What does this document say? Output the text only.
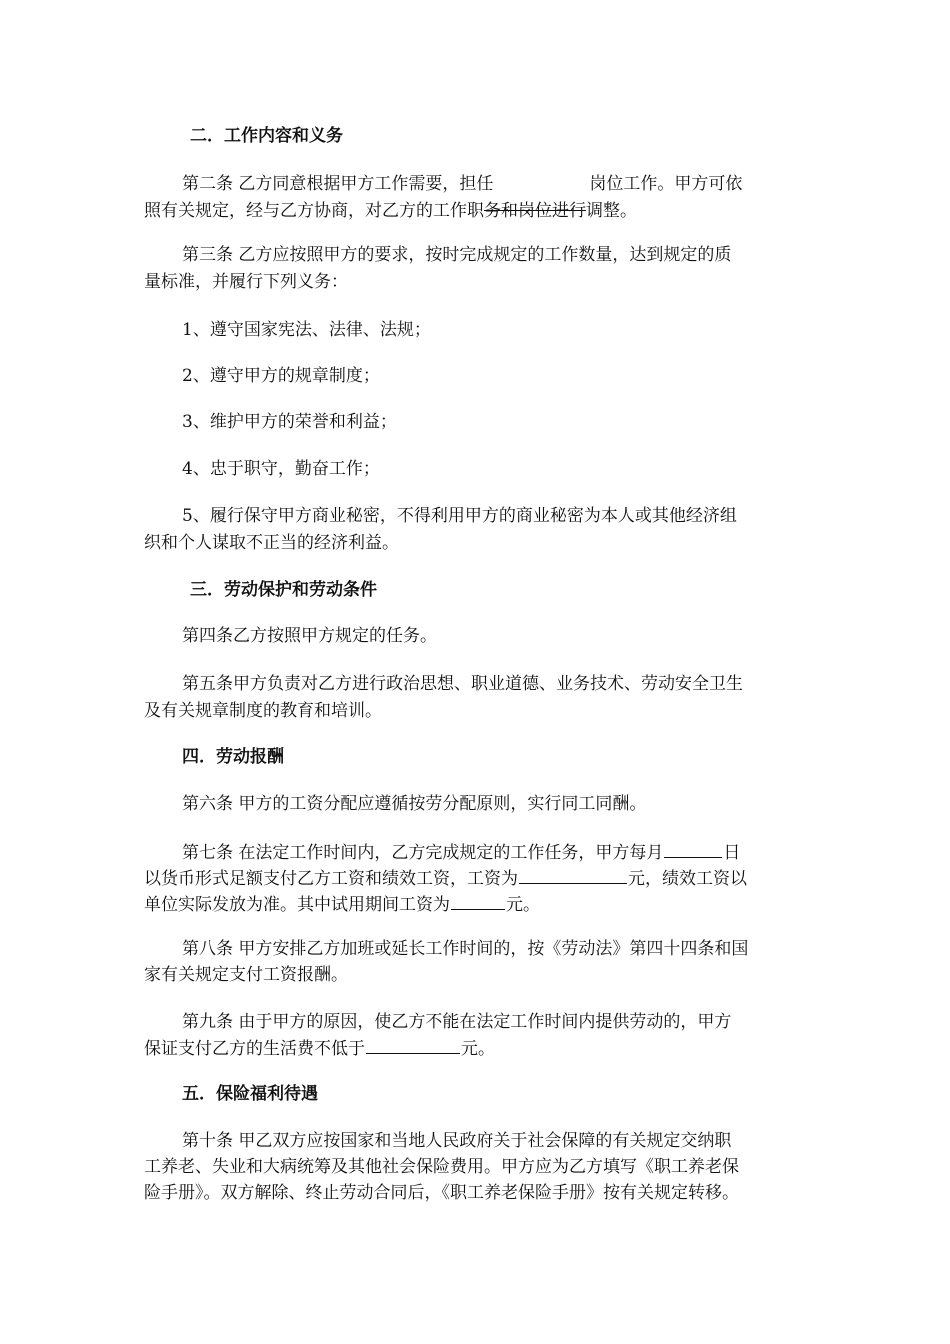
二．工作内容和义务
第二条 乙方同意根据甲方工作需要，担任	岗位工作。甲方可依
照有关规定，经与乙方协商，对乙方的工作职务和岗位进行调整。
第三条 乙方应按照甲方的要求，按时完成规定的工作数量，达到规定的质
量标准，并履行下列义务：
1、遵守国家宪法、法律、法规；
2、遵守甲方的规章制度；
3、维护甲方的荣誉和利益；
4、忠于职守，勤奋工作；
5、履行保守甲方商业秘密，不得利用甲方的商业秘密为本人或其他经济组
织和个人谋取不正当的经济利益。
三．劳动保护和劳动条件
第四条乙方按照甲方规定的任务。
第五条甲方负责对乙方进行政治思想、职业道德、业务技术、劳动安全卫生
及有关规章制度的教育和培训。
四．劳动报酬
第六条 甲方的工资分配应遵循按劳分配原则，实行同工同酬。
第七条 在法定工作时间内，乙方完成规定的工作任务，甲方每月	日
以货币形式足额支付乙方工资和绩效工资，工资为	元，绩效工资以
单位实际发放为准。其中试用期间工资为	元。
第八条 甲方安排乙方加班或延长工作时间的，按《劳动法》第四十四条和国
家有关规定支付工资报酬。
第九条 由于甲方的原因，使乙方不能在法定工作时间内提供劳动的，甲方
保证支付乙方的生活费不低于	元。
五．保险福利待遇
第十条 甲乙双方应按国家和当地人民政府关于社会保障的有关规定交纳职
工养老、失业和大病统筹及其他社会保险费用。甲方应为乙方填写《职工养老保
险手册》。双方解除、终止劳动合同后，《职工养老保险手册》按有关规定转移。
